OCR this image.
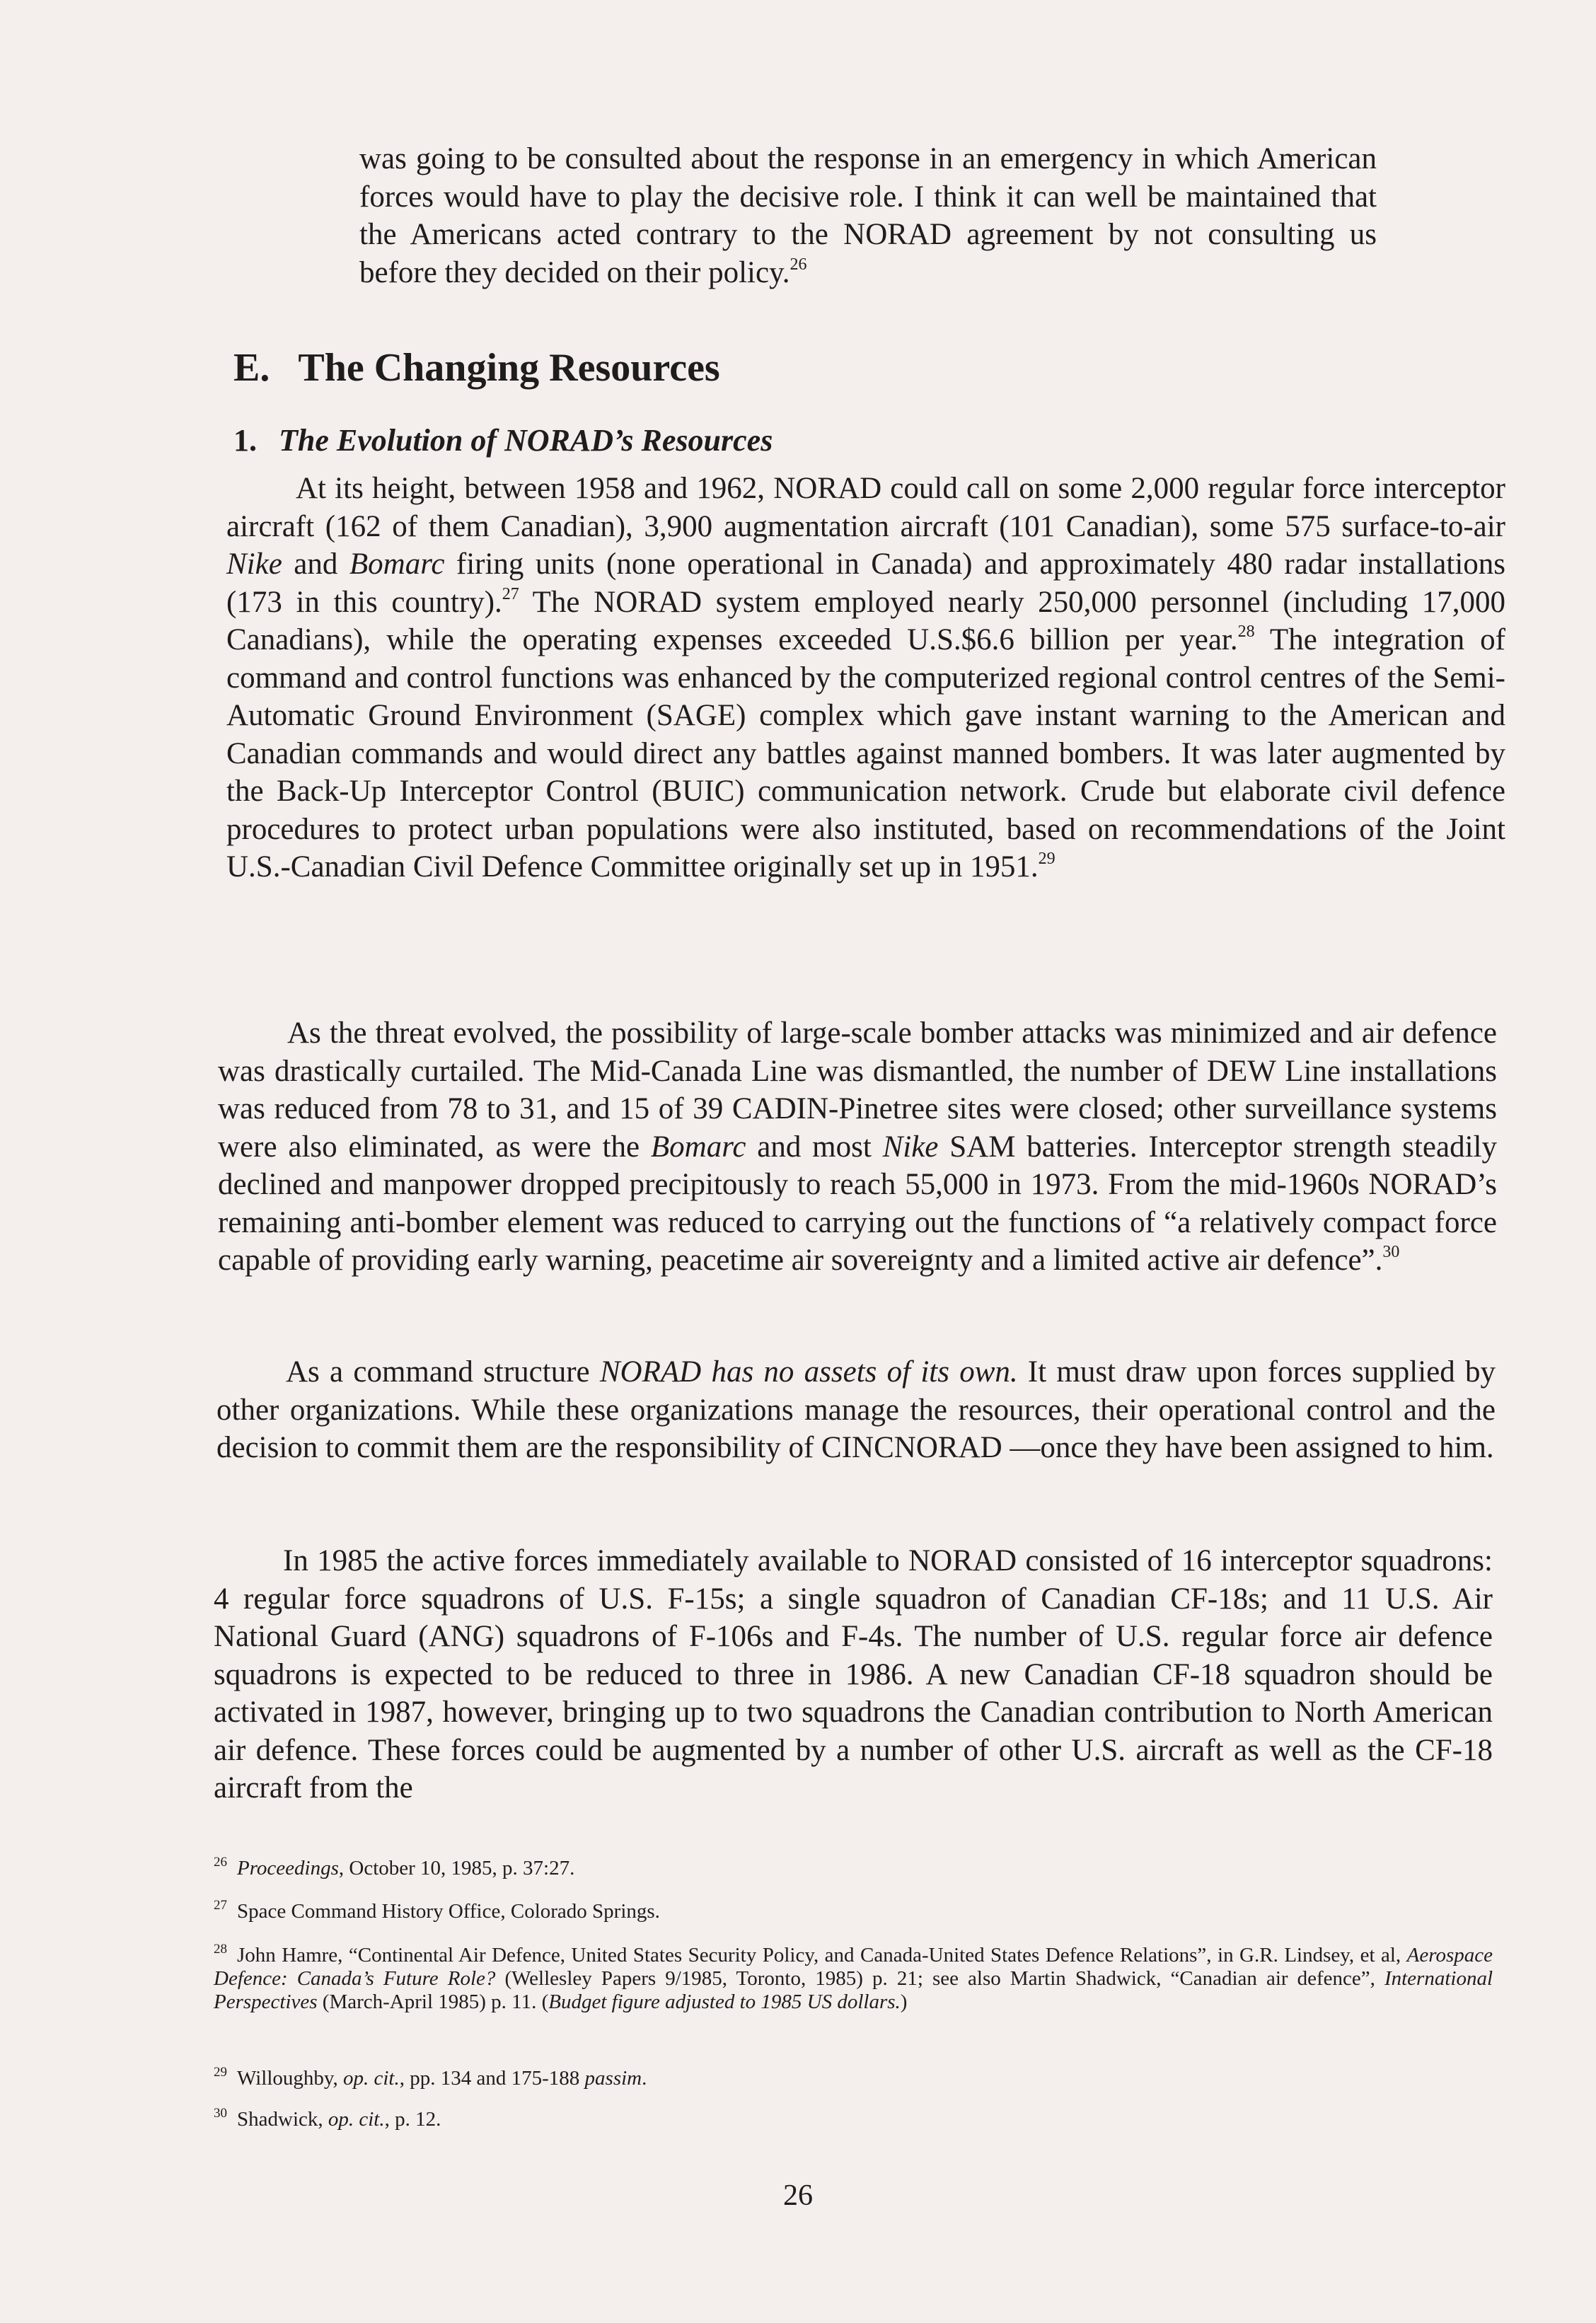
was going to be consulted about the response in an emergency in which American forces would have to play the decisive role. I think it can well be maintained that the Americans acted contrary to the NORAD agreement by not consulting us before they decided on their policy.$^{26}$
E. The Changing Resources
1. The Evolution of NORAD’s Resources
At its height, between 1958 and 1962, NORAD could call on some 2,000 regular force interceptor aircraft (162 of them Canadian), 3,900 augmentation aircraft (101 Canadian), some 575 surface-to-air Nike and Bomarc firing units (none operational in Canada) and approximately 480 radar installations (173 in this country).$^{27}$ The NORAD system employed nearly 250,000 personnel (including 17,000 Canadians), while the operating expenses exceeded U.S.$6.6 billion per year.$^{28}$ The integration of command and control functions was enhanced by the computerized regional control centres of the Semi-Automatic Ground Environment (SAGE) complex which gave instant warning to the American and Canadian commands and would direct any battles against manned bombers. It was later augmented by the Back-Up Interceptor Control (BUIC) communication network. Crude but elaborate civil defence procedures to protect urban populations were also instituted, based on recommendations of the Joint U.S.-Canadian Civil Defence Committee originally set up in 1951.29
As the threat evolved, the possibility of large-scale bomber attacks was minimized and air defence was drastically curtailed. The Mid-Canada Line was dismantled, the number of DEW Line installations was reduced from 78 to 31, and 15 of 39 CADIN-Pinetree sites were closed; other surveillance systems were also eliminated, as were the Bomarc and most Nike SAM batteries. Interceptor strength steadily declined and manpower dropped precipitously to reach 55,000 in 1973. From the mid-1960s NORAD’s remaining anti-bomber element was reduced to carrying out the functions of “a relatively compact force capable of providing early warning, peacetime air sovereignty and a limited active air defence”.$^{30}$
As a command structure NORAD has no assets of its own. It must draw upon forces supplied by other organizations. While these organizations manage the resources, their operational control and the decision to commit them are the responsibility of CINCNORAD —once they have been assigned to him.
In 1985 the active forces immediately available to NORAD consisted of 16 interceptor squadrons: 4 regular force squadrons of U.S. F-15s; a single squadron of Canadian CF-18s; and 11 U.S. Air National Guard (ANG) squadrons of F-106s and F-4s. The number of U.S. regular force air defence squadrons is expected to be reduced to three in 1986. A new Canadian CF-18 squadron should be activated in 1987, however, bringing up to two squadrons the Canadian contribution to North American air defence. These forces could be augmented by a number of other U.S. aircraft as well as the CF-18 aircraft from the
$^{26}$ Proceedings, October 10, 1985, p. 37:27.
$^{27}$ Space Command History Office, Colorado Springs.
$^{28}$ John Hamre, “Continental Air Defence, United States Security Policy, and Canada-United States Defence Relations”, in G.R. Lindsey, et al, Aerospace Defence: Canada’s Future Role? (Wellesley Papers 9/1985, Toronto, 1985) p. 21; see also Martin Shadwick, “Canadian air defence”, International Perspectives (March-April 1985) p. 11. (Budget figure adjusted to 1985 US dollars.)
$^{29}$ Willoughby, op. cit., pp. 134 and 175-188 passim.
$^{30}$ Shadwick, op. cit., p. 12.
26
